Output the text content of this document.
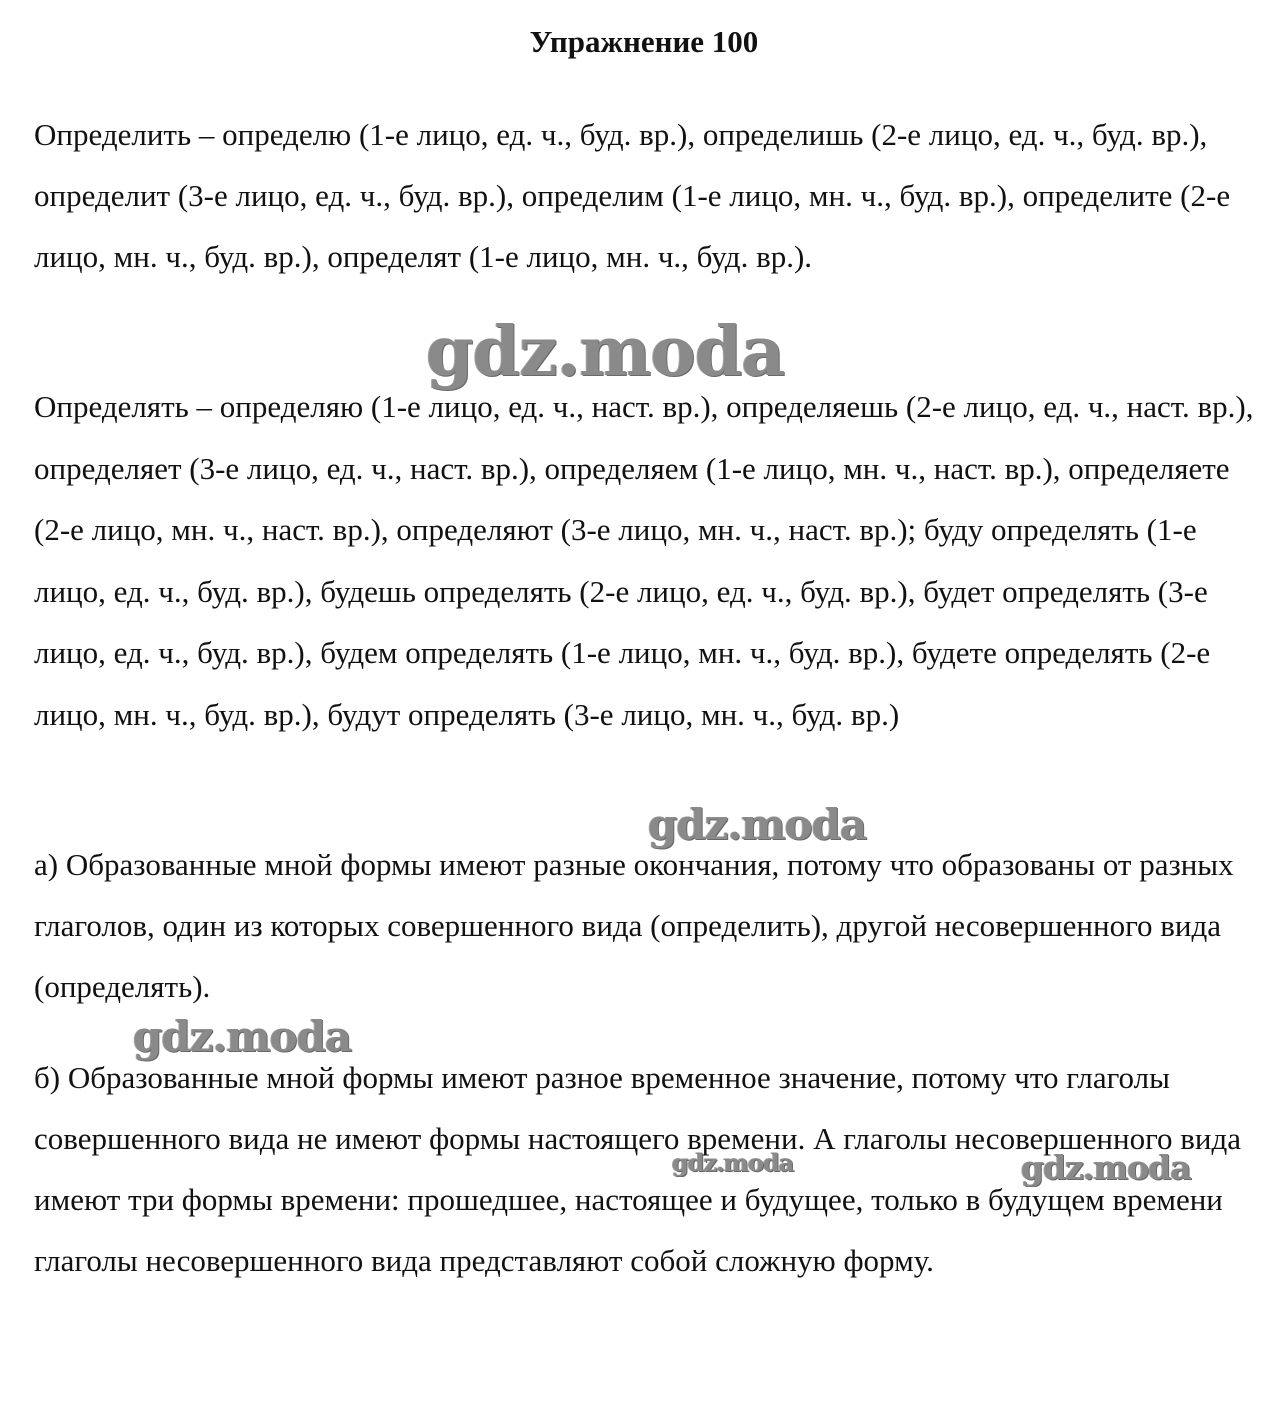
Упражнение 100

Определить – определю (1-е лицо, ед. ч., буд. вр.), определишь (2-е лицо, ед. ч., буд. вр.), определит (3-е лицо, ед. ч., буд. вр.), определим (1-е лицо, мн. ч., буд. вр.), определите (2-е лицо, мн. ч., буд. вр.), определят (1-е лицо, мн. ч., буд. вр.).

Определять – определяю (1-е лицо, ед. ч., наст. вр.), определяешь (2-е лицо, ед. ч., наст. вр.), определяет (3-е лицо, ед. ч., наст. вр.), определяем (1-е лицо, мн. ч., наст. вр.), определяете (2-е лицо, мн. ч., наст. вр.), определяют (3-е лицо, мн. ч., наст. вр.); буду определять (1-е лицо, ед. ч., буд. вр.), будешь определять (2-е лицо, ед. ч., буд. вр.), будет определять (3-е лицо, ед. ч., буд. вр.), будем определять (1-е лицо, мн. ч., буд. вр.), будете определять (2-е лицо, мн. ч., буд. вр.), будут определять (3-е лицо, мн. ч., буд. вр.)

а) Образованные мной формы имеют разные окончания, потому что образованы от разных глаголов, один из которых совершенного вида (определить), другой несовершенного вида (определять).

б) Образованные мной формы имеют разное временное значение, потому что глаголы совершенного вида не имеют формы настоящего времени. А глаголы несовершенного вида имеют три формы времени: прошедшее, настоящее и будущее, только в будущем времени глаголы несовершенного вида представляют собой сложную форму.

gdz.moda
gdz.moda
gdz.moda
gdz.moda	gdz.moda
